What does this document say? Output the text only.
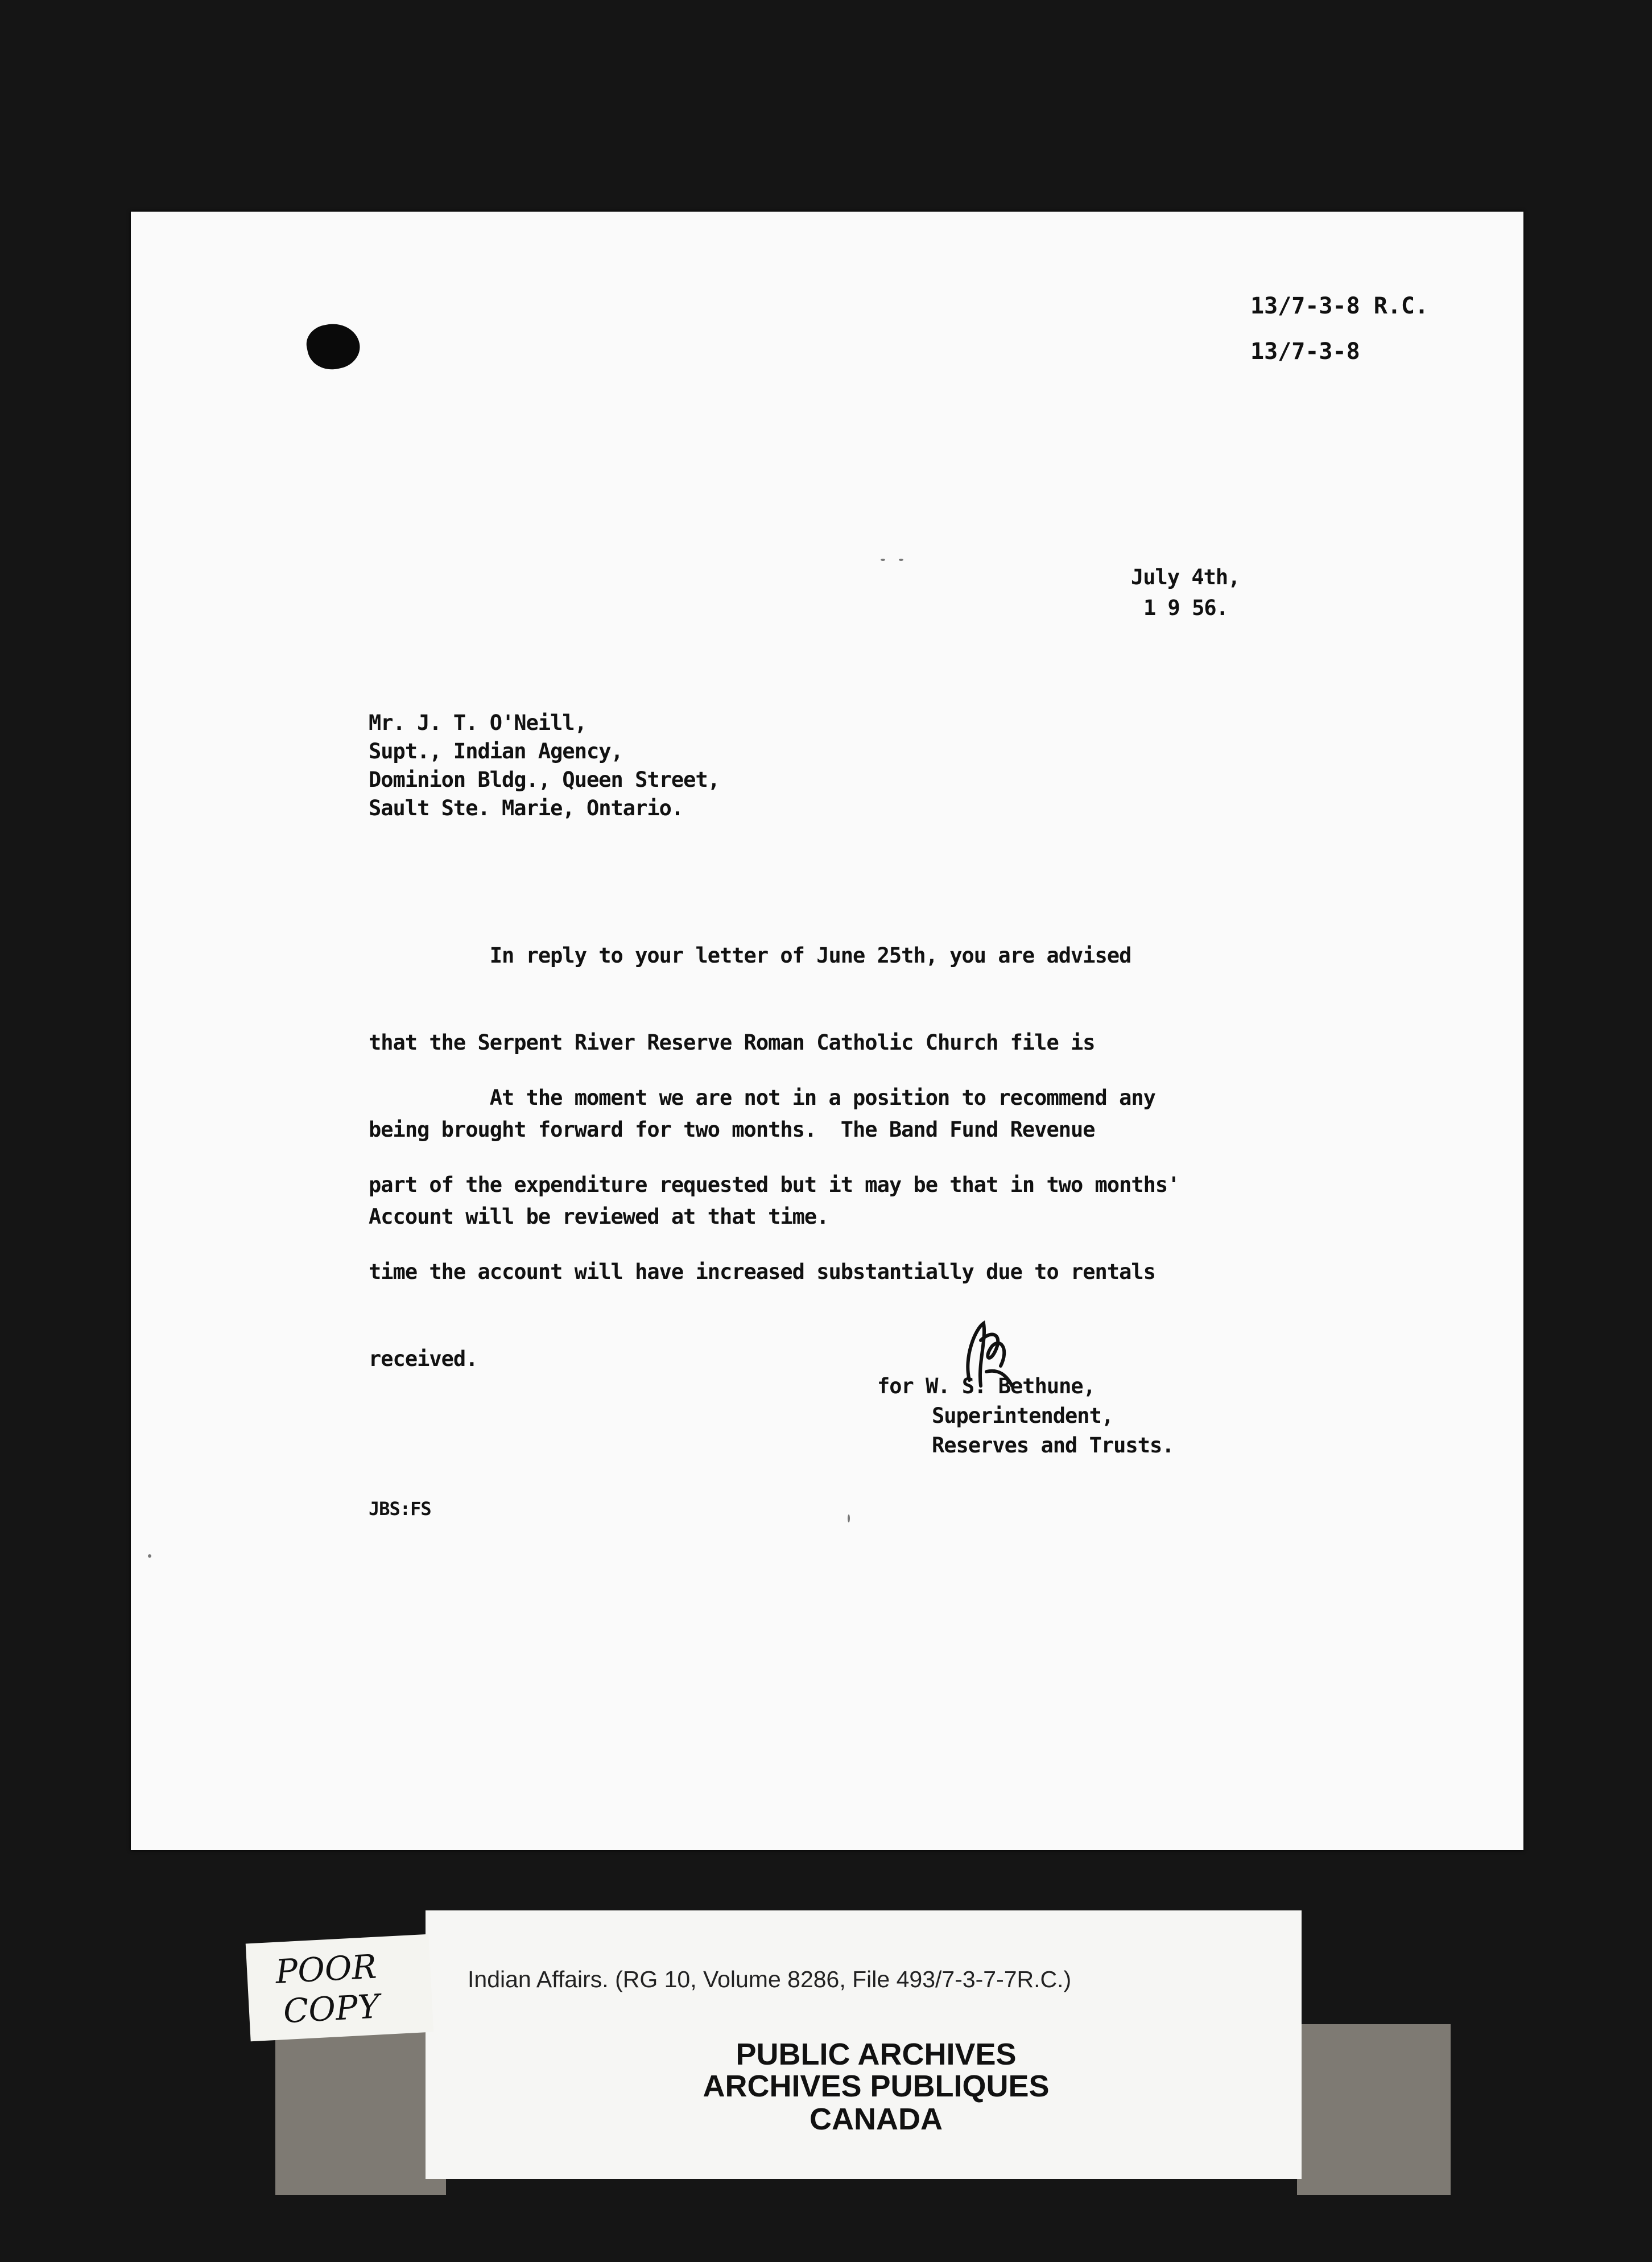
13/7-3-8 R.C.
13/7-3-8
July 4th,
1 9 56.
Mr. J. T. O'Neill,
Supt., Indian Agency,
Dominion Bldg., Queen Street,
Sault Ste. Marie, Ontario.

In reply to your letter of June 25th, you are advised

that the Serpent River Reserve Roman Catholic Church file is

being brought forward for two months.  The Band Fund Revenue

Account will be reviewed at that time.

At the moment we are not in a position to recommend any

part of the expenditure requested but it may be that in two months'

time the account will have increased substantially due to rentals

received.

for W. S. Bethune,
Superintendent,
Reserves and Trusts.
JBS:FS
POOR
COPY
Indian Affairs. (RG 10, Volume 8286, File 493/7-3-7-7R.C.)
PUBLIC ARCHIVES
ARCHIVES PUBLIQUES
CANADA
